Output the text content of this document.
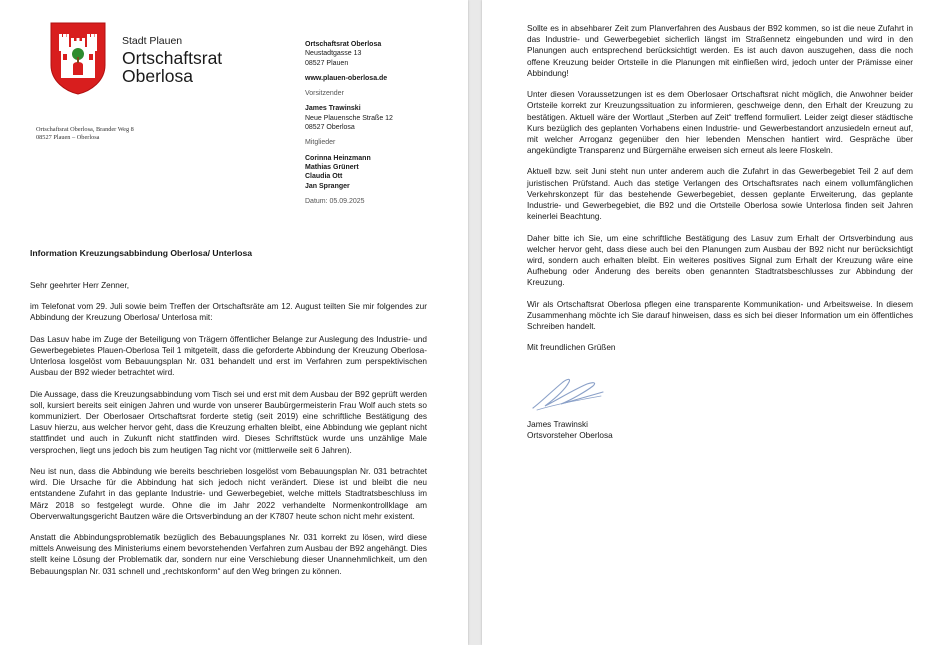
Stadt Plauen
Ortschaftsrat
Oberlosa
Ortschaftsrat Oberlosa, Brander Weg 8
08527 Plauen – Oberlosa
Ortschaftsrat Oberlosa
Neustadtgasse 13
08527 Plauen
www.plauen-oberlosa.de
Vorsitzender
James Trawinski
Neue Plauensche Straße 12
08527 Oberlosa
Mitglieder
Corinna Heinzmann
Mathias Grünert
Claudia Ott
Jan Spranger
Datum: 05.09.2025
Information Kreuzungsabbindung Oberlosa/ Unterlosa

Sehr geehrter Herr Zenner,

im Telefonat vom 29. Juli sowie beim Treffen der Ortschaftsräte am 12. August teilten Sie mir folgendes zur Abbindung der Kreuzung Oberlosa/ Unterlosa mit:

Das Lasuv habe im Zuge der Beteiligung von Trägern öffentlicher Belange zur Auslegung des Industrie- und Gewerbegebietes Plauen-Oberlosa Teil 1 mitgeteilt, dass die geforderte Abbindung der Kreuzung Oberlosa-Unterlosa losgelöst vom Bebauungsplan Nr. 031 behandelt und erst im Verfahren zum perspektivischen Ausbau der B92 wieder betrachtet wird.

Die Aussage, dass die Kreuzungsabbindung vom Tisch sei und erst mit dem Ausbau der B92 geprüft werden soll, kursiert bereits seit einigen Jahren und wurde von unserer Baubürgermeisterin Frau Wolf auch stets so kommuniziert. Der Oberlosaer Ortschaftsrat forderte stetig (seit 2019) eine schriftliche Bestätigung des Lasuv hierzu, aus welcher hervor geht, dass die Kreuzung erhalten bleibt, eine Abbindung wie geplant nicht stattfindet und auch in Zukunft nicht stattfinden wird. Dieses Schriftstück wurde uns unzählige Male versprochen, liegt uns jedoch bis zum heutigen Tag nicht vor (mittlerweile seit 6 Jahren).

Neu ist nun, dass die Abbindung wie bereits beschrieben losgelöst vom Bebauungsplan Nr. 031 betrachtet wird. Die Ursache für die Abbindung hat sich jedoch nicht verändert. Diese ist und bleibt die neu entstandene Zufahrt in das geplante Industrie- und Gewerbegebiet, welche mittels Stadtratsbeschluss im März 2018 so festgelegt wurde. Ohne die im Jahr 2022 verhandelte Normenkontrollklage am Oberverwaltungsgericht Bautzen wäre die Ortsverbindung an der K7807 heute schon nicht mehr existent.

Anstatt die Abbindungsproblematik bezüglich des Bebauungsplanes Nr. 031 korrekt zu lösen, wird diese mittels Anweisung des Ministeriums einem bevorstehenden Verfahren zum Ausbau der B92 angehängt. Dies stellt keine Lösung der Problematik dar, sondern nur eine Verschiebung dieser Unannehmlichkeit, um den Bebauungsplan Nr. 031 schnell und „rechtskonform“ auf den Weg bringen zu können.

Sollte es in absehbarer Zeit zum Planverfahren des Ausbaus der B92 kommen, so ist die neue Zufahrt in das Industrie- und Gewerbegebiet sicherlich längst im Straßennetz eingebunden und wird in den Planungen auch entsprechend berücksichtigt werden. Es ist auch davon auszugehen, dass die noch offene Kreuzung beider Ortsteile in die Planungen mit einfließen wird, jedoch unter der Prämisse einer Abbindung!

Unter diesen Voraussetzungen ist es dem Oberlosaer Ortschaftsrat nicht möglich, die Anwohner beider Ortsteile korrekt zur Kreuzungssituation zu informieren, geschweige denn, den Erhalt der Kreuzung zu bestätigen. Aktuell wäre der Wortlaut „Sterben auf Zeit“ treffend formuliert. Leider zeigt dieser städtische Kurs bezüglich des geplanten Vorhabens einen Industrie- und Gewerbestandort anzusiedeln erneut auf, mit welcher Arroganz gegenüber den hier lebenden Menschen hantiert wird. Gespräche über angekündigte Transparenz und Bürgernähe erweisen sich erneut als leere Floskeln.

Aktuell bzw. seit Juni steht nun unter anderem auch die Zufahrt in das Gewerbegebiet Teil 2 auf dem juristischen Prüfstand. Auch das stetige Verlangen des Ortschaftsrates nach einem vollumfänglichen Verkehrskonzept für das bestehende Gewerbegebiet, dessen geplante Erweiterung, das geplante Industrie- und Gewerbegebiet, die B92 und die Ortsteile Oberlosa sowie Unterlosa finden seit Jahren keinerlei Beachtung.

Daher bitte ich Sie, um eine schriftliche Bestätigung des Lasuv zum Erhalt der Ortsverbindung aus welcher hervor geht, dass diese auch bei den Planungen zum Ausbau der B92 nicht nur berücksichtigt wird, sondern auch erhalten bleibt. Ein weiteres positives Signal zum Erhalt der Kreuzung wäre eine Aufhebung oder Änderung des bereits oben genannten Stadtratsbeschlusses zur Abbindung der Kreuzung.

Wir als Ortschaftsrat Oberlosa pflegen eine transparente Kommunikation- und Arbeitsweise. In diesem Zusammenhang möchte ich Sie darauf hinweisen, dass es sich bei dieser Information um ein öffentliches Schreiben handelt.

Mit freundlichen Grüßen

James Trawinski
Ortsvorsteher Oberlosa
